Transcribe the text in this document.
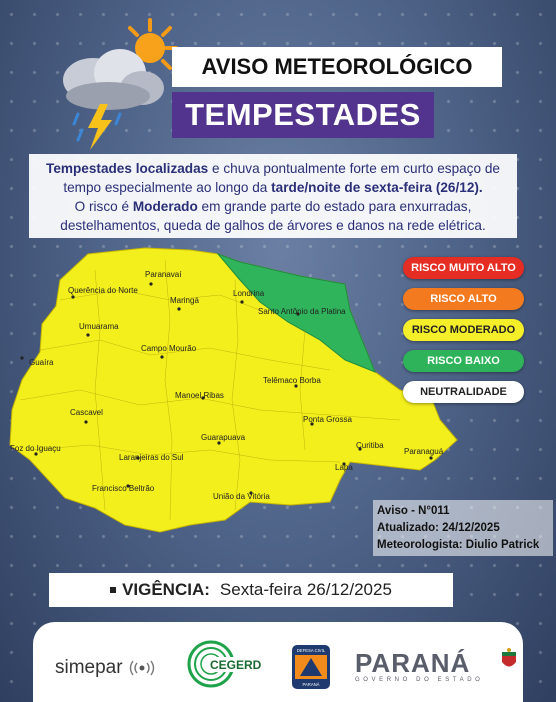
AVISO METEOROLÓGICO
TEMPESTADES
Tempestades localizadas e chuva pontualmente forte em curto espaço de tempo especialmente ao longo da tarde/noite de sexta-feira (26/12).
O risco é Moderado em grande parte do estado para enxurradas, destelhamentos, queda de galhos de árvores e danos na rede elétrica.
Paranavaí
Querência do Norte
Maringá
Londrina
Santo Antônio da Platina
Umuarama
Campo Mourão
Guaíra
Telêmaco Borba
Manoel Ribas
Cascavel
Ponta Grossa
Guarapuava
Curitiba
Foz do Iguaçu
Laranjeiras do Sul
Paranaguá
Lapa
Francisco Beltrão
União da Vitória
RISCO MUITO ALTO
RISCO ALTO
RISCO MODERADO
RISCO BAIXO
NEUTRALIDADE
Aviso - N°011
Atualizado: 24/12/2025
Meteorologista: Diulio Patrick
VIGÊNCIA: Sexta-feira 26/12/2025
simepar	CEGERD
DEFESA CIVIL
PARANÁ
PARANÁ
GOVERNO DO ESTADO
